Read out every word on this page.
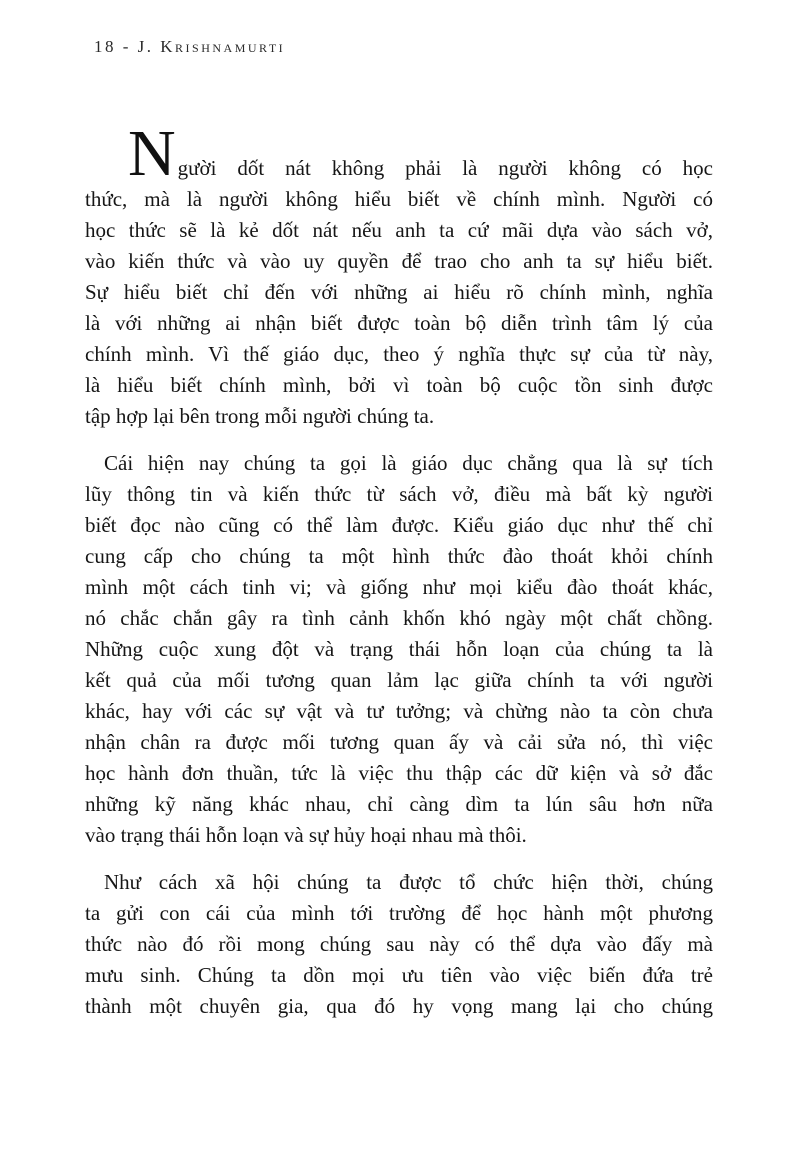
18 - J. Krishnamurti
Người dốt nát không phải là người không có học
thức, mà là người không hiểu biết về chính mình. Người có
học thức sẽ là kẻ dốt nát nếu anh ta cứ mãi dựa vào sách vở,
vào kiến thức và vào uy quyền để trao cho anh ta sự hiểu biết.
Sự hiểu biết chỉ đến với những ai hiểu rõ chính mình, nghĩa
là với những ai nhận biết được toàn bộ diễn trình tâm lý của
chính mình. Vì thế giáo dục, theo ý nghĩa thực sự của từ này,
là hiểu biết chính mình, bởi vì toàn bộ cuộc tồn sinh được
tập hợp lại bên trong mỗi người chúng ta.
Cái hiện nay chúng ta gọi là giáo dục chẳng qua là sự tích
lũy thông tin và kiến thức từ sách vở, điều mà bất kỳ người
biết đọc nào cũng có thể làm được. Kiểu giáo dục như thế chỉ
cung cấp cho chúng ta một hình thức đào thoát khỏi chính
mình một cách tinh vi; và giống như mọi kiểu đào thoát khác,
nó chắc chắn gây ra tình cảnh khốn khó ngày một chất chồng.
Những cuộc xung đột và trạng thái hỗn loạn của chúng ta là
kết quả của mối tương quan lảm lạc giữa chính ta với người
khác, hay với các sự vật và tư tưởng; và chừng nào ta còn chưa
nhận chân ra được mối tương quan ấy và cải sửa nó, thì việc
học hành đơn thuần, tức là việc thu thập các dữ kiện và sở đắc
những kỹ năng khác nhau, chỉ càng dìm ta lún sâu hơn nữa
vào trạng thái hỗn loạn và sự hủy hoại nhau mà thôi.
Như cách xã hội chúng ta được tổ chức hiện thời, chúng
ta gửi con cái của mình tới trường để học hành một phương
thức nào đó rồi mong chúng sau này có thể dựa vào đấy mà
mưu sinh. Chúng ta dồn mọi ưu tiên vào việc biến đứa trẻ
thành một chuyên gia, qua đó hy vọng mang lại cho chúng
